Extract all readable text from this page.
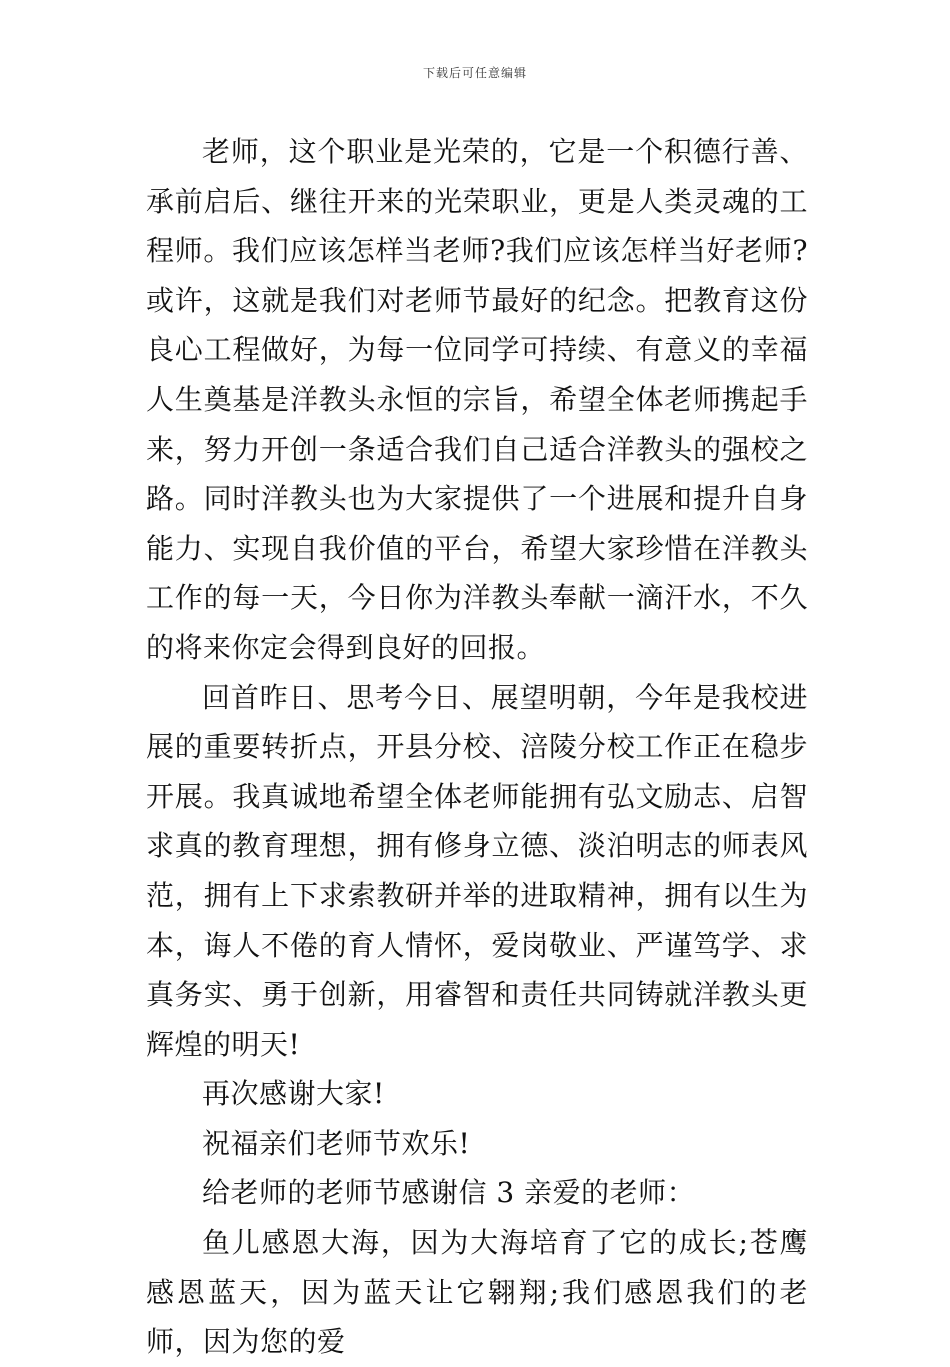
下载后可任意编辑

老师，这个职业是光荣的，它是一个积德行善、承前启后、继往开来的光荣职业，更是人类灵魂的工程师。我们应该怎样当老师?我们应该怎样当好老师?或许，这就是我们对老师节最好的纪念。把教育这份良心工程做好，为每一位同学可持续、有意义的幸福人生奠基是洋教头永恒的宗旨，希望全体老师携起手来，努力开创一条适合我们自己适合洋教头的强校之路。同时洋教头也为大家提供了一个进展和提升自身能力、实现自我价值的平台，希望大家珍惜在洋教头工作的每一天，今日你为洋教头奉献一滴汗水，不久的将来你定会得到良好的回报。

回首昨日、思考今日、展望明朝，今年是我校进展的重要转折点，开县分校、涪陵分校工作正在稳步开展。我真诚地希望全体老师能拥有弘文励志、启智求真的教育理想，拥有修身立德、淡泊明志的师表风范，拥有上下求索教研并举的进取精神，拥有以生为本，诲人不倦的育人情怀，爱岗敬业、严谨笃学、求真务实、勇于创新，用睿智和责任共同铸就洋教头更辉煌的明天!

再次感谢大家!

祝福亲们老师节欢乐!

给老师的老师节感谢信 3 亲爱的老师：

鱼儿感恩大海，因为大海培育了它的成长;苍鹰感恩蓝天，因为蓝天让它翱翔;我们感恩我们的老师，因为您的爱
